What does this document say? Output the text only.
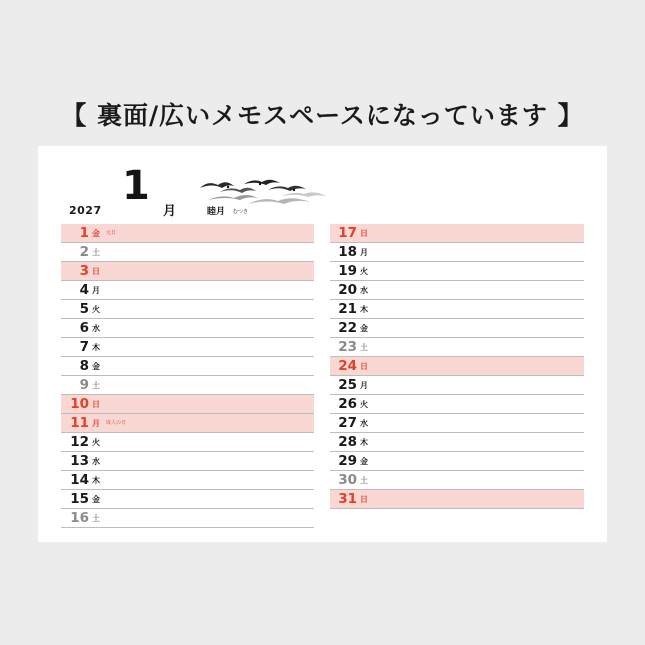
【 裏面/広いメモスペースになっています 】
2027
1
月	睦月 むつき
1 金 元日
2 土
3 日
4 月
5 火
6 水
7 木
8 金
9 土
10 日
11 月 成人の日
12 火
13 水
14 木
15 金
16 土
17 日
18 月
19 火
20 水
21 木
22 金
23 土
24 日
25 月
26 火
27 水
28 木
29 金
30 土
31 日
